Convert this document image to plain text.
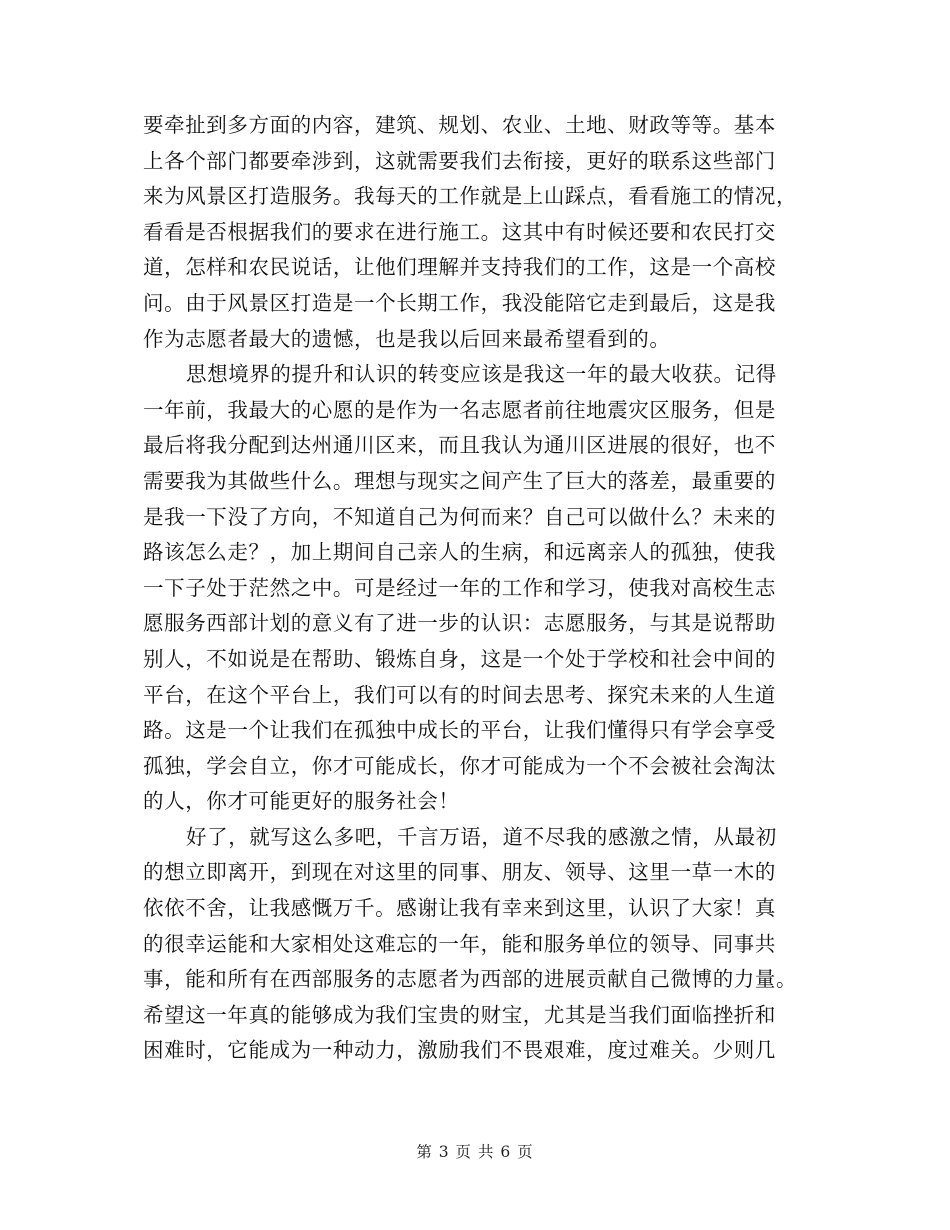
要牵扯到多方面的内容，建筑、规划、农业、土地、财政等等。基本
上各个部门都要牵涉到，这就需要我们去衔接，更好的联系这些部门
来为风景区打造服务。我每天的工作就是上山踩点，看看施工的情况，
看看是否根据我们的要求在进行施工。这其中有时候还要和农民打交
道，怎样和农民说话，让他们理解并支持我们的工作，这是一个高校
问。由于风景区打造是一个长期工作，我没能陪它走到最后，这是我
作为志愿者最大的遗憾，也是我以后回来最希望看到的。
思想境界的提升和认识的转变应该是我这一年的最大收获。记得
一年前，我最大的心愿的是作为一名志愿者前往地震灾区服务，但是
最后将我分配到达州通川区来，而且我认为通川区进展的很好，也不
需要我为其做些什么。理想与现实之间产生了巨大的落差，最重要的
是我一下没了方向，不知道自己为何而来？自己可以做什么？未来的
路该怎么走？，加上期间自己亲人的生病，和远离亲人的孤独，使我
一下子处于茫然之中。可是经过一年的工作和学习，使我对高校生志
愿服务西部计划的意义有了进一步的认识：志愿服务，与其是说帮助
别人，不如说是在帮助、锻炼自身，这是一个处于学校和社会中间的
平台，在这个平台上，我们可以有的时间去思考、探究未来的人生道
路。这是一个让我们在孤独中成长的平台，让我们懂得只有学会享受
孤独，学会自立，你才可能成长，你才可能成为一个不会被社会淘汰
的人，你才可能更好的服务社会！
好了，就写这么多吧，千言万语，道不尽我的感激之情，从最初
的想立即离开，到现在对这里的同事、朋友、领导、这里一草一木的
依依不舍，让我感慨万千。感谢让我有幸来到这里，认识了大家！真
的很幸运能和大家相处这难忘的一年，能和服务单位的领导、同事共
事，能和所有在西部服务的志愿者为西部的进展贡献自己微博的力量。
希望这一年真的能够成为我们宝贵的财宝，尤其是当我们面临挫折和
困难时，它能成为一种动力，激励我们不畏艰难，度过难关。少则几
第 3 页 共 6 页
